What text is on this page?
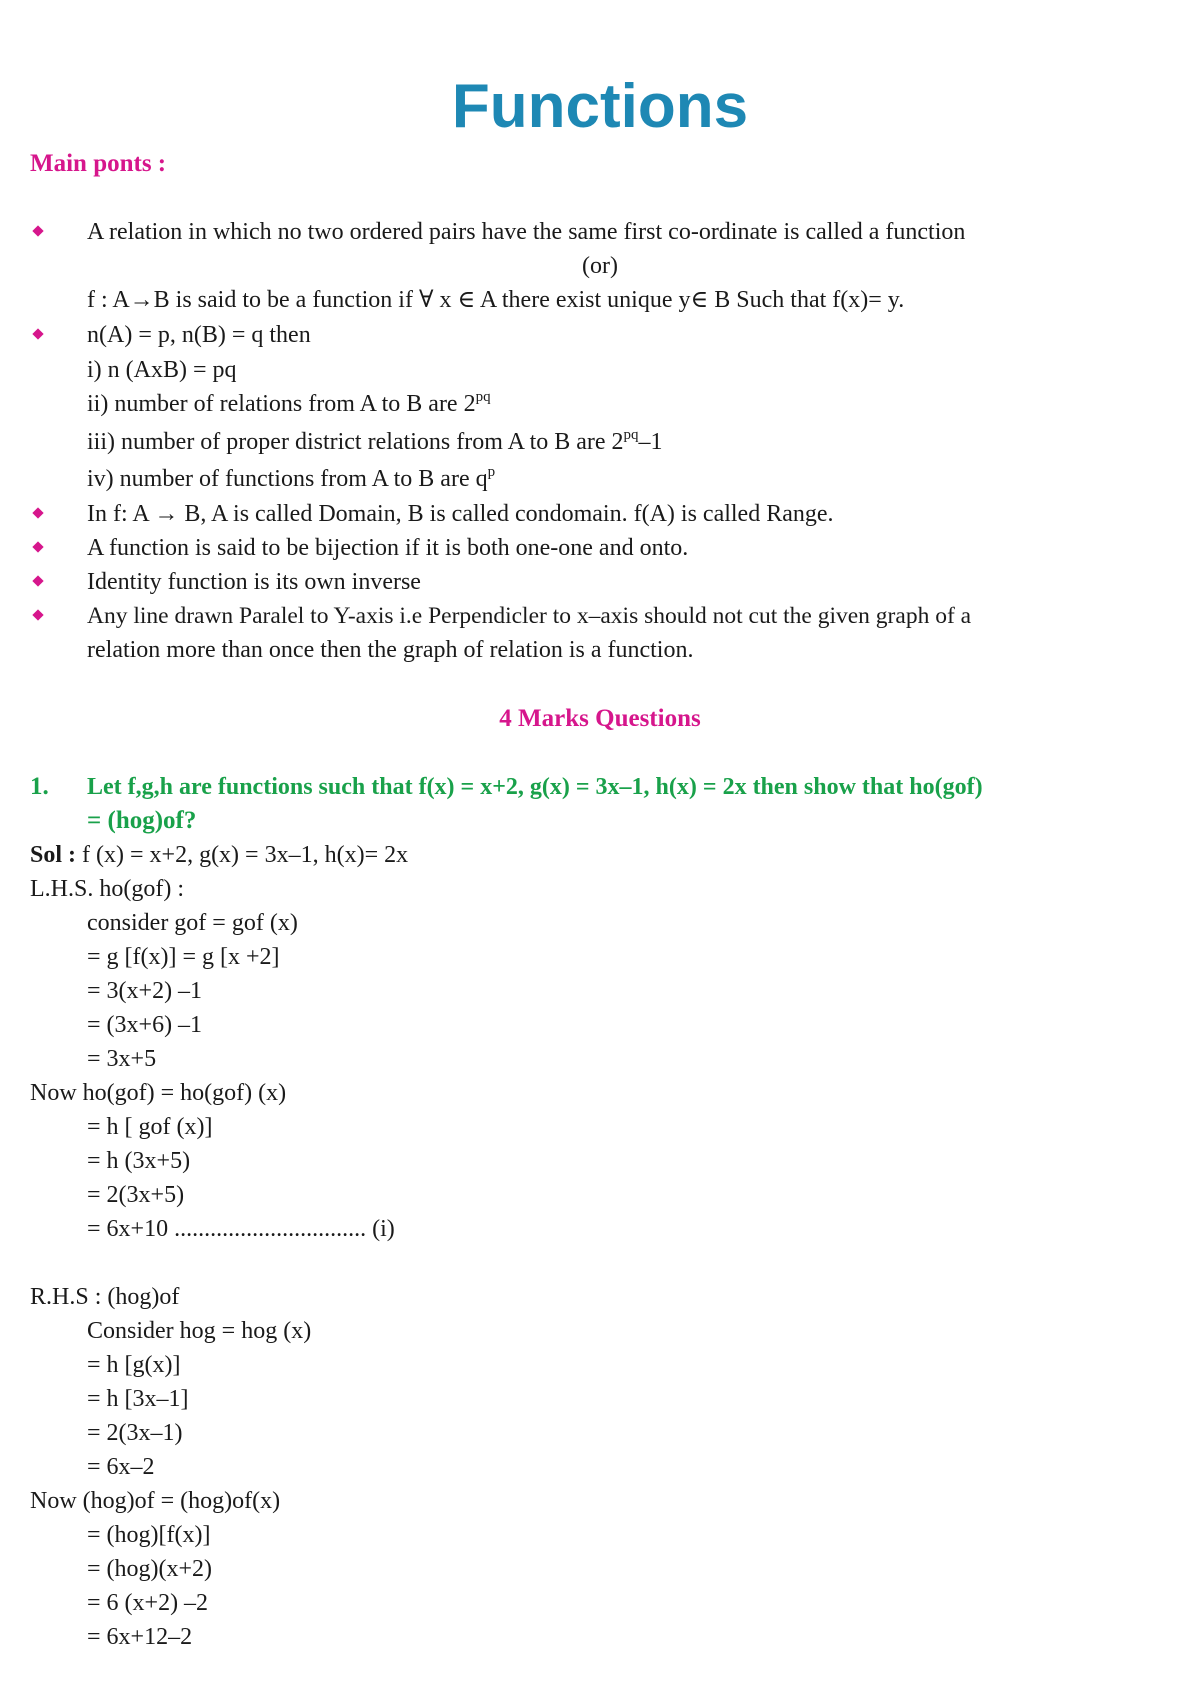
Functions
Main ponts :
A relation in which no two ordered pairs have the same first co-ordinate is called a function
(or)
f : A→B is said to be a function if ∀ x ∈ A there exist unique y∈ B Such that f(x)= y.
n(A) = p, n(B) = q then
i) n (AxB) = pq
ii) number of relations from A to B are $2^{pq}$
iii) number of proper district relations from A to B are $2^{pq}-1$
iv) number of functions from A to B are $q^p$
In f: A → B, A is called Domain, B is called condomain. f(A) is called Range.
A function is said to be bijection if it is both one-one and onto.
Identity function is its own inverse
Any line drawn Paralel to Y-axis i.e Perpendicler to x–axis should not cut the given graph of a
relation more than once then the graph of relation is a function.
4 Marks Questions
1. Let f,g,h are functions such that f(x) = x+2, g(x) = 3x–1, h(x) = 2x then show that ho(gof)
= (hog)of?
Sol : f (x) = x+2, g(x) = 3x–1, h(x)= 2x
L.H.S. ho(gof) :
consider gof = gof (x)
= g [f(x)] = g [x +2]
= 3(x+2) –1
= (3x+6) –1
= 3x+5
Now ho(gof) = ho(gof) (x)
= h [ gof (x)]
= h (3x+5)
= 2(3x+5)
= 6x+10 ................................ (i)
R.H.S : (hog)of
Consider hog = hog (x)
= h [g(x)]
= h [3x–1]
= 2(3x–1)
= 6x–2
Now (hog)of = (hog)of(x)
= (hog)[f(x)]
= (hog)(x+2)
= 6 (x+2) –2
= 6x+12–2
